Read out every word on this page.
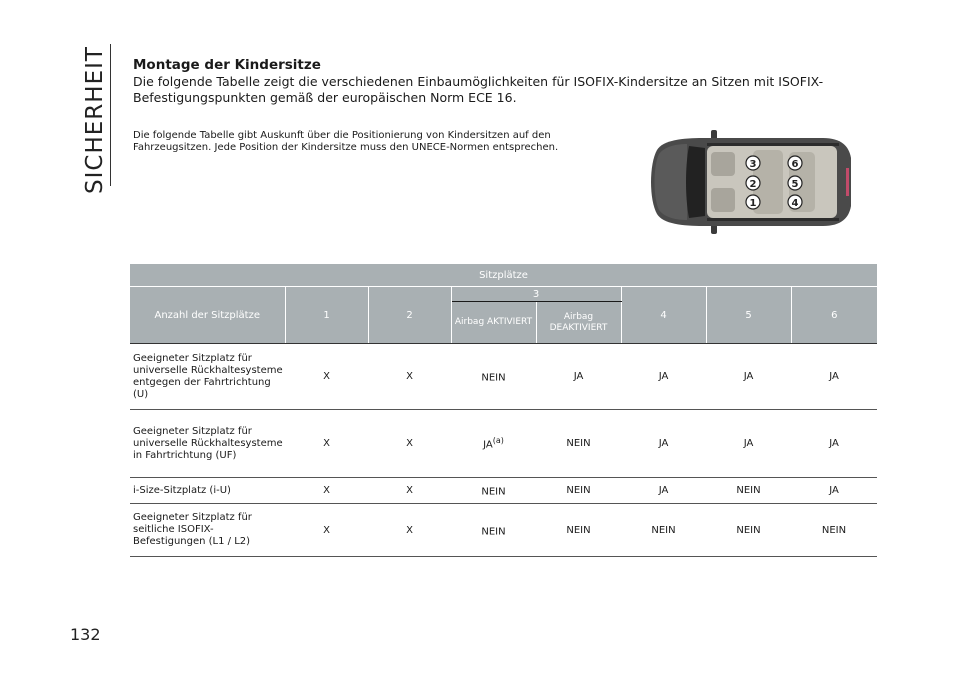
SICHERHEIT
132
Montage der Kindersitze
Die folgende Tabelle zeigt die verschiedenen Einbaumöglichkeiten für ISOFIX-Kindersitze an Sitzen mit ISOFIX-Befestigungspunkten gemäß der europäischen Norm ECE 16.
Die folgende Tabelle gibt Auskunft über die Positionierung von Kindersitzen auf den Fahrzeugsitzen. Jede Position der Kindersitze muss den UNECE-Normen entsprechen.
3	6
2	5
1	4
Sitzplätze							
Anzahl der Sitzplätze	1	2	3		4	5	6
			Airbag AKTIVIERT	Airbag DEAKTIVIERT			

Geeigneter Sitzplatz für universelle Rückhaltesysteme entgegen der Fahrtrichtung (U)	X	X	NEIN	JA	JA	JA	JA
Geeigneter Sitzplatz für universelle Rückhaltesysteme in Fahrtrichtung (UF)	X	X	JA$^{(a)}$	NEIN	JA	JA	JA
i-Size-Sitzplatz (i-U)	X	X	NEIN	NEIN	JA	NEIN	JA
Geeigneter Sitzplatz für seitliche ISOFIX-Befestigungen (L1 / L2)	X	X	NEIN	NEIN	NEIN	NEIN	NEIN
